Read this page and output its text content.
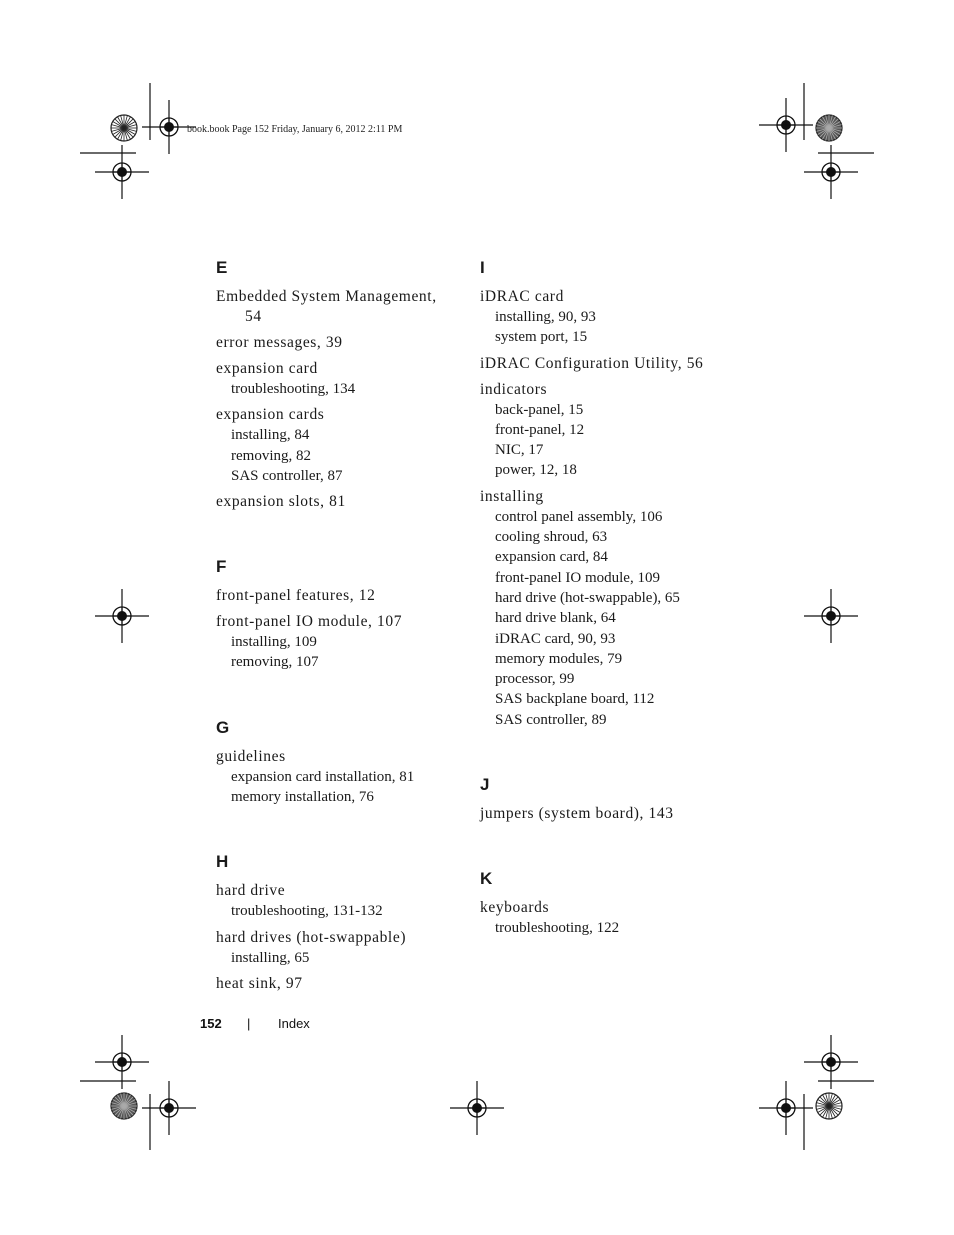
book.book Page 152 Friday, January 6, 2012 2:11 PM
E
Embedded System Management, 54
error messages, 39
expansion card
troubleshooting, 134
expansion cards
installing, 84
removing, 82
SAS controller, 87
expansion slots, 81
F
front-panel features, 12
front-panel IO module, 107
installing, 109
removing, 107
G
guidelines
expansion card installation, 81
memory installation, 76
H
hard drive
troubleshooting, 131-132
hard drives (hot-swappable)
installing, 65
heat sink, 97
I
iDRAC card
installing, 90, 93
system port, 15
iDRAC Configuration Utility, 56
indicators
back-panel, 15
front-panel, 12
NIC, 17
power, 12, 18
installing
control panel assembly, 106
cooling shroud, 63
expansion card, 84
front-panel IO module, 109
hard drive (hot-swappable), 65
hard drive blank, 64
iDRAC card, 90, 93
memory modules, 79
processor, 99
SAS backplane board, 112
SAS controller, 89
J
jumpers (system board), 143
K
keyboards
troubleshooting, 122
152 | Index
